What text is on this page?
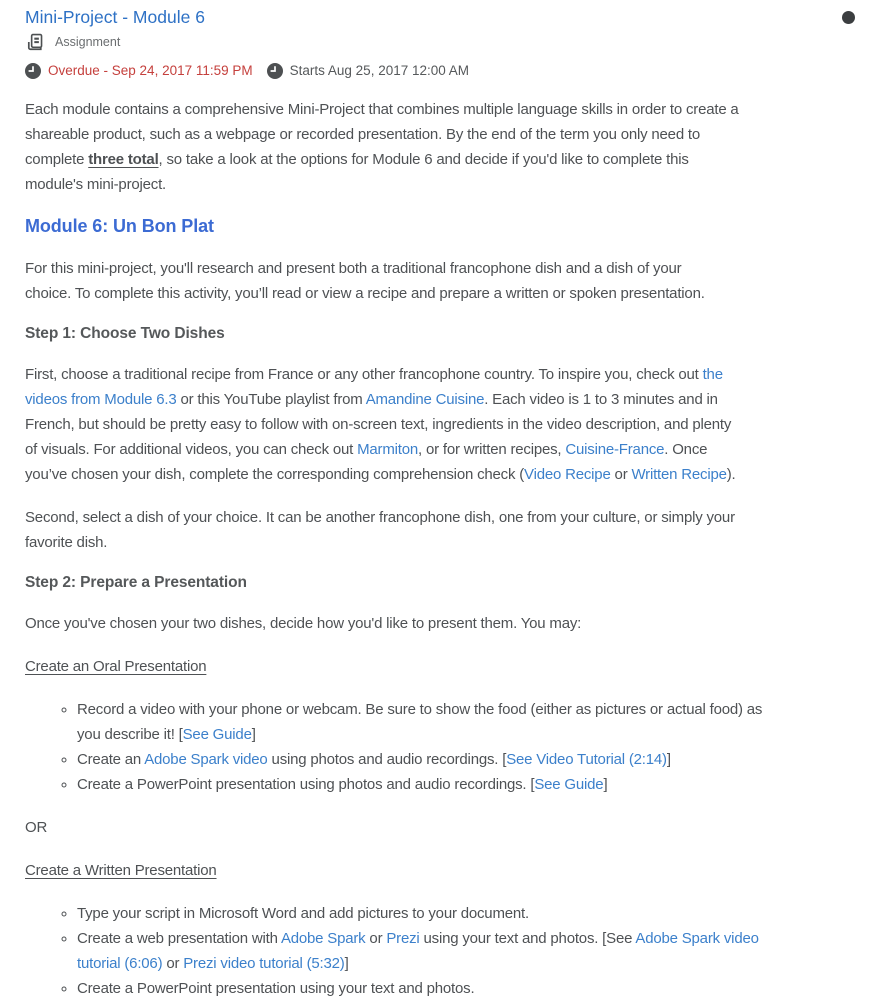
Mini-Project - Module 6
Assignment
Overdue - Sep 24, 2017 11:59 PM	Starts Aug 25, 2017 12:00 AM

Each module contains a comprehensive Mini-Project that combines multiple language skills in order to create a
shareable product, such as a webpage or recorded presentation. By the end of the term you only need to
complete three total, so take a look at the options for Module 6 and decide if you'd like to complete this
module's mini-project.

Module 6: Un Bon Plat

For this mini-project, you'll research and present both a traditional francophone dish and a dish of your
choice. To complete this activity, you’ll read or view a recipe and prepare a written or spoken presentation.

Step 1: Choose Two Dishes

First, choose a traditional recipe from France or any other francophone country. To inspire you, check out the
videos from Module 6.3 or this YouTube playlist from Amandine Cuisine. Each video is 1 to 3 minutes and in
French, but should be pretty easy to follow with on-screen text, ingredients in the video description, and plenty
of visuals. For additional videos, you can check out Marmiton, or for written recipes, Cuisine-France. Once
you’ve chosen your dish, complete the corresponding comprehension check (Video Recipe or Written Recipe).

Second, select a dish of your choice. It can be another francophone dish, one from your culture, or simply your
favorite dish.

Step 2: Prepare a Presentation

Once you've chosen your two dishes, decide how you'd like to present them. You may:

Create an Oral Presentation

◦ Record a video with your phone or webcam. Be sure to show the food (either as pictures or actual food) as
you describe it! [See Guide]
◦ Create an Adobe Spark video using photos and audio recordings. [See Video Tutorial (2:14)]
◦ Create a PowerPoint presentation using photos and audio recordings. [See Guide]

OR

Create a Written Presentation

◦ Type your script in Microsoft Word and add pictures to your document.
◦ Create a web presentation with Adobe Spark or Prezi using your text and photos. [See Adobe Spark video
tutorial (6:06) or Prezi video tutorial (5:32)]
◦ Create a PowerPoint presentation using your text and photos.
